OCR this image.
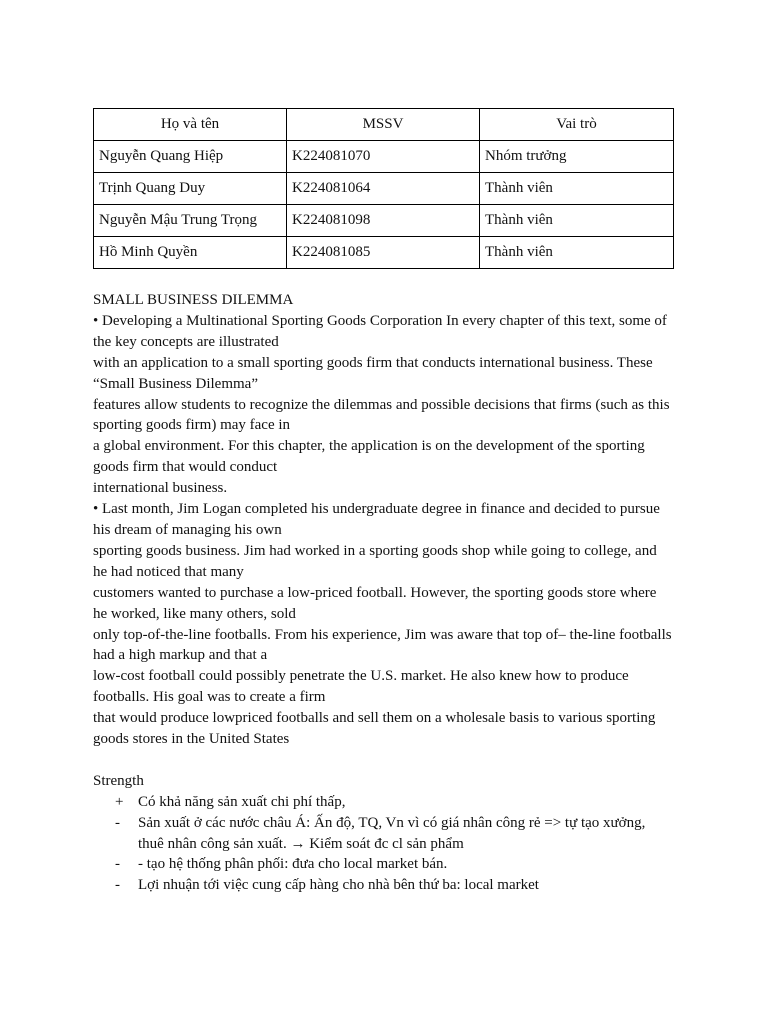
Họ và tên	MSSV	Vai trò
Nguyễn Quang Hiệp	K224081070	Nhóm trưởng
Trịnh Quang Duy	K224081064	Thành viên
Nguyễn Mậu Trung Trọng	K224081098	Thành viên
Hồ Minh Quyền	K224081085	Thành viên

SMALL BUSINESS DILEMMA

• Developing a Multinational Sporting Goods Corporation In every chapter of this text, some of the key concepts are illustrated

with an application to a small sporting goods firm that conducts international business. These “Small Business Dilemma”

features allow students to recognize the dilemmas and possible decisions that firms (such as this sporting goods firm) may face in

a global environment. For this chapter, the application is on the development of the sporting goods firm that would conduct

international business.

• Last month, Jim Logan completed his undergraduate degree in finance and decided to pursue his dream of managing his own

sporting goods business. Jim had worked in a sporting goods shop while going to college, and he had noticed that many

customers wanted to purchase a low-priced football. However, the sporting goods store where he worked, like many others, sold

only top-of-the-line footballs. From his experience, Jim was aware that top of– the-line footballs had a high markup and that a

low-cost football could possibly penetrate the U.S. market. He also knew how to produce footballs. His goal was to create a firm

that would produce lowpriced footballs and sell them on a wholesale basis to various sporting goods stores in the United States

Strength

+ Có khả năng sản xuất chi phí thấp,
- Sản xuất ở các nước châu Á: Ấn độ, TQ, Vn vì có giá nhân công rẻ => tự tạo xưởng, thuê nhân công sản xuất. → Kiểm soát đc cl sản phẩm
- - tạo hệ thống phân phối: đưa cho local market bán.
- Lợi nhuận tới việc cung cấp hàng cho nhà bên thứ ba: local market
